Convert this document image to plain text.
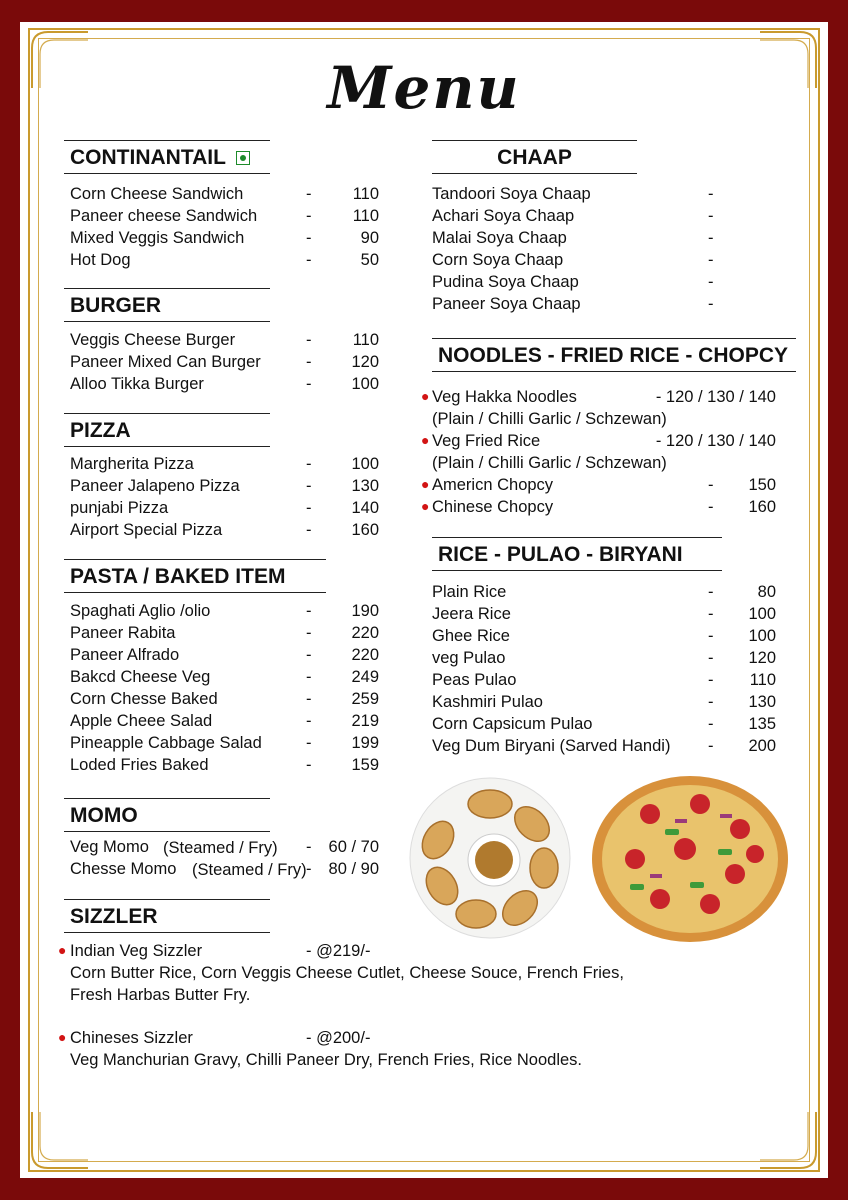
Menu
CONTINANTAIL
Corn Cheese Sandwich	-	110
Paneer cheese Sandwich	-	110
Mixed Veggis Sandwich	-	90
Hot Dog	-	50
BURGER
Veggis Cheese Burger	-	110
Paneer Mixed Can Burger	-	120
Alloo Tikka Burger	-	100
PIZZA
Margherita Pizza	-	100
Paneer Jalapeno Pizza	-	130
punjabi Pizza	-	140
Airport Special Pizza	-	160
PASTA / BAKED ITEM
Spaghati Aglio /olio	-	190
Paneer Rabita	-	220
Paneer Alfrado	-	220
Bakcd Cheese Veg	-	249
Corn Chesse Baked	-	259
Apple Cheee Salad	-	219
Pineapple Cabbage Salad	-	199
Loded Fries Baked	-	159
MOMO
Veg Momo (Steamed / Fry) -	60 / 70
Chesse Momo (Steamed / Fry) -	80 / 90
SIZZLER
● Indian Veg Sizzler	- @219/-
Corn Butter Rice, Corn Veggis Cheese Cutlet, Cheese Souce, French Fries,
Fresh Harbas Butter Fry.
● Chineses Sizzler	- @200/-
Veg Manchurian Gravy, Chilli Paneer Dry, French Fries, Rice Noodles.
CHAAP
Tandoori Soya Chaap	-
Achari Soya Chaap	-
Malai Soya Chaap	-
Corn Soya Chaap	-
Pudina Soya Chaap	-
Paneer Soya Chaap	-
NOODLES - FRIED RICE - CHOPCY
● Veg Hakka Noodles	- 120 / 130 / 140
(Plain / Chilli Garlic / Schzewan)
● Veg Fried Rice	- 120 / 130 / 140
(Plain / Chilli Garlic / Schzewan)
● Americn Chopcy	-	150
● Chinese Chopcy	-	160
RICE - PULAO - BIRYANI
Plain Rice	-	80
Jeera Rice	-	100
Ghee Rice	-	100
veg Pulao	-	120
Peas Pulao	-	110
Kashmiri Pulao	-	130
Corn Capsicum Pulao	-	135
Veg Dum Biryani (Sarved Handi) -	200
